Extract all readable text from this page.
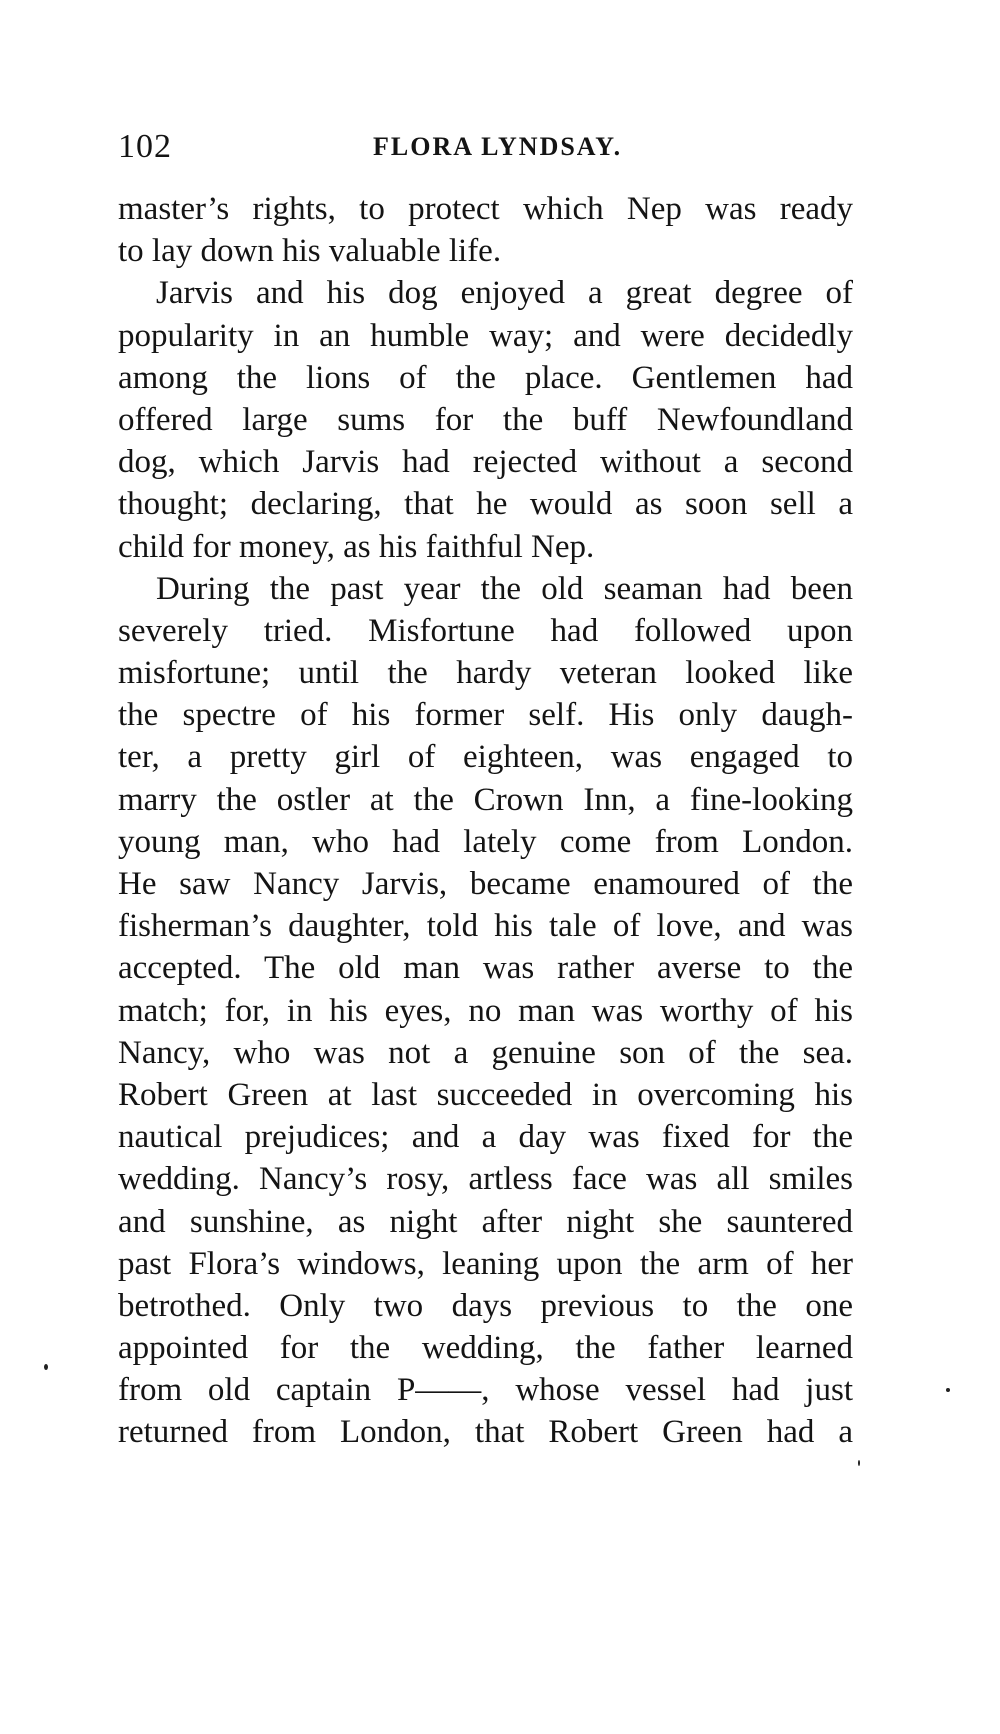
102	FLORA LYNDSAY.
master’s rights, to protect which Nep was ready
to lay down his valuable life.
Jarvis and his dog enjoyed a great degree of
popularity in an humble way; and were decidedly
among the lions of the place. Gentlemen had
offered large sums for the buff Newfoundland
dog, which Jarvis had rejected without a second
thought; declaring, that he would as soon sell a
child for money, as his faithful Nep.
During the past year the old seaman had been
severely tried. Misfortune had followed upon
misfortune; until the hardy veteran looked like
the spectre of his former self. His only daugh-
ter, a pretty girl of eighteen, was engaged to
marry the ostler at the Crown Inn, a fine-looking
young man, who had lately come from London.
He saw Nancy Jarvis, became enamoured of the
fisherman’s daughter, told his tale of love, and was
accepted. The old man was rather averse to the
match; for, in his eyes, no man was worthy of his
Nancy, who was not a genuine son of the sea.
Robert Green at last succeeded in overcoming his
nautical prejudices; and a day was fixed for the
wedding. Nancy’s rosy, artless face was all smiles
and sunshine, as night after night she sauntered
past Flora’s windows, leaning upon the arm of her
betrothed. Only two days previous to the one
appointed for the wedding, the father learned
from old captain P——, whose vessel had just
returned from London, that Robert Green had a
